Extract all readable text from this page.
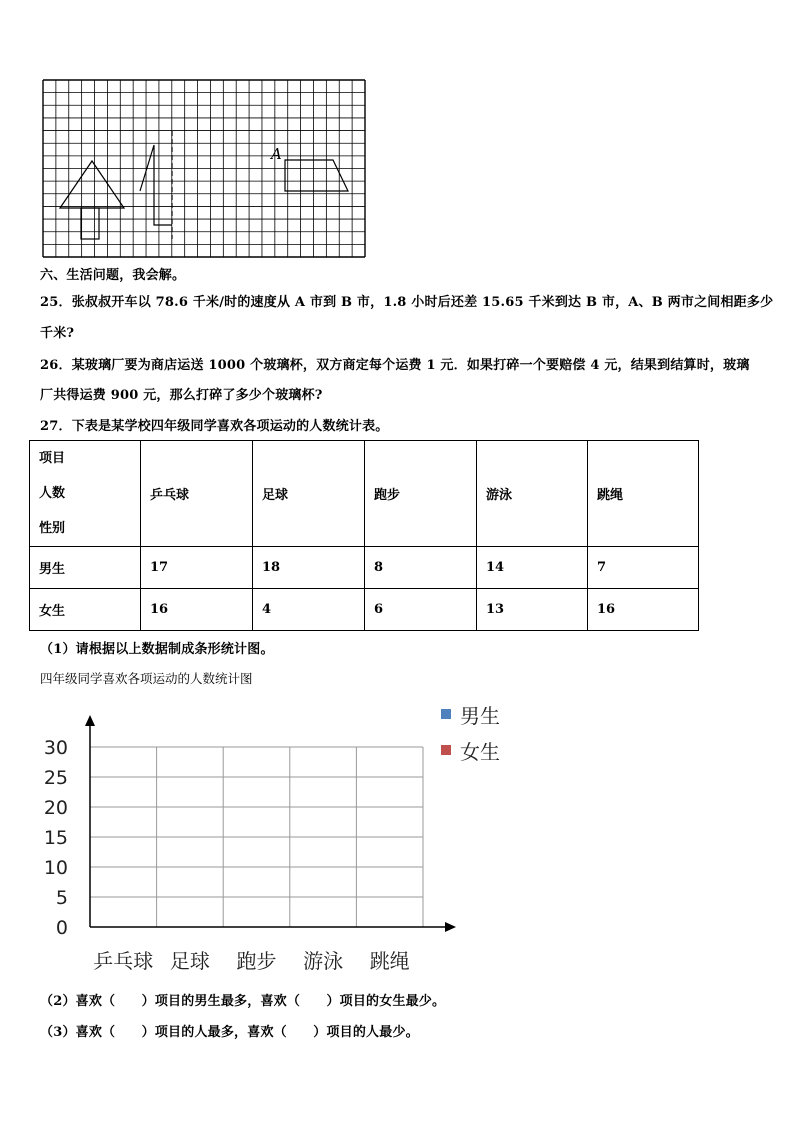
A
六、生活问题，我会解。
25．张叔叔开车以 78.6 千米/时的速度从 A 市到 B 市，1.8 小时后还差 15.65 千米到达 B 市，A、B 两市之间相距多少
千米?
26．某玻璃厂要为商店运送 1000 个玻璃杯，双方商定每个运费 1 元．如果打碎一个要赔偿 4 元，结果到结算时，玻璃
厂共得运费 900 元，那么打碎了多少个玻璃杯?
27．下表是某学校四年级同学喜欢各项运动的人数统计表。
项目
人数
性别	乒乓球	足球	跑步	游泳	跳绳
男生	17	18	8	14	7
女生	16	4	6	13	16
（1）请根据以上数据制成条形统计图。
四年级同学喜欢各项运动的人数统计图
0
5
10
15
20
25
30
乒乓球 足球 跑步 游泳 跳绳
男生
女生
（2）喜欢（　　）项目的男生最多，喜欢（　　）项目的女生最少。
（3）喜欢（　　）项目的人最多，喜欢（　　）项目的人最少。
